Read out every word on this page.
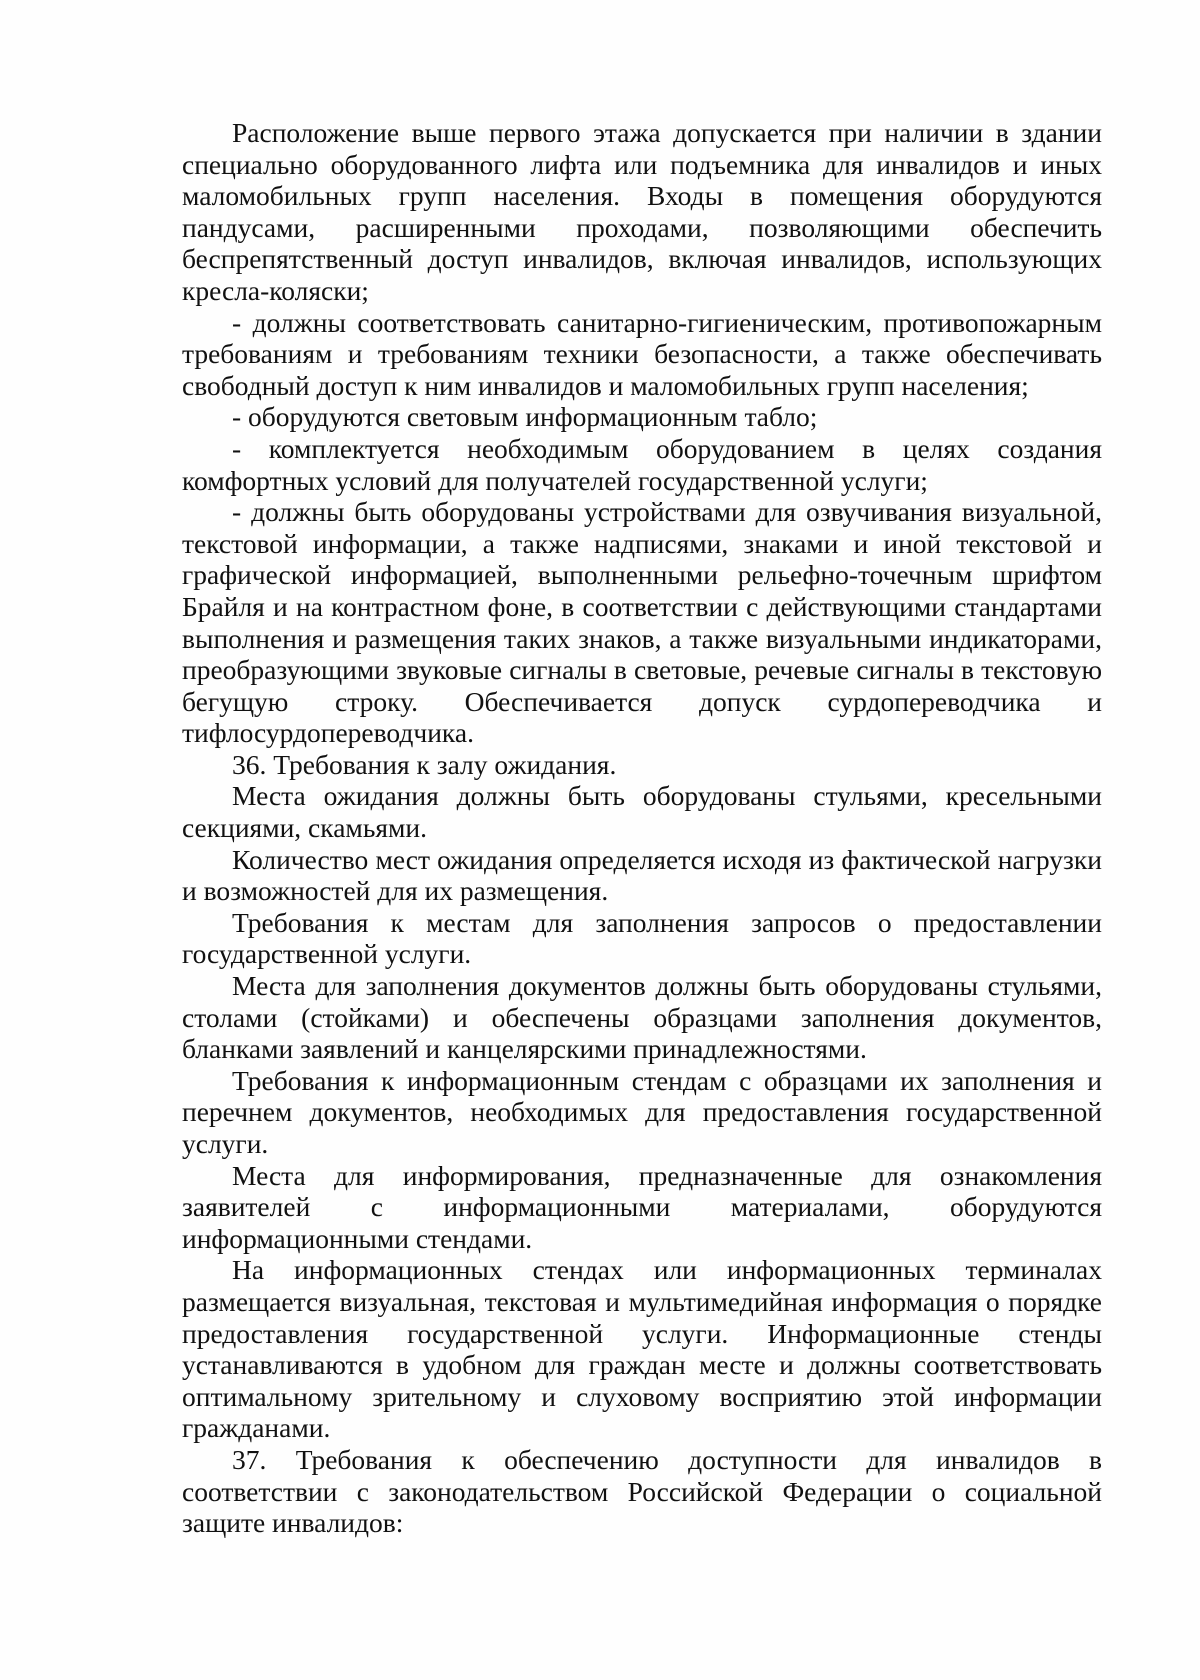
Расположение выше первого этажа допускается при наличии в здании специально оборудованного лифта или подъемника для инвалидов и иных маломобильных групп населения. Входы в помещения оборудуются пандусами, расширенными проходами, позволяющими обеспечить беспрепятственный доступ инвалидов, включая инвалидов, использующих кресла-коляски;

- должны соответствовать санитарно-гигиеническим, противопожарным требованиям и требованиям техники безопасности, а также обеспечивать свободный доступ к ним инвалидов и маломобильных групп населения;

- оборудуются световым информационным табло;

- комплектуется необходимым оборудованием в целях создания комфортных условий для получателей государственной услуги;

- должны быть оборудованы устройствами для озвучивания визуальной, текстовой информации, а также надписями, знаками и иной текстовой и графической информацией, выполненными рельефно-точечным шрифтом Брайля и на контрастном фоне, в соответствии с действующими стандартами выполнения и размещения таких знаков, а также визуальными индикаторами, преобразующими звуковые сигналы в световые, речевые сигналы в текстовую бегущую строку. Обеспечивается допуск сурдопереводчика и тифлосурдопереводчика.

36. Требования к залу ожидания.

Места ожидания должны быть оборудованы стульями, кресельными секциями, скамьями.

Количество мест ожидания определяется исходя из фактической нагрузки и возможностей для их размещения.

Требования к местам для заполнения запросов о предоставлении государственной услуги.

Места для заполнения документов должны быть оборудованы стульями, столами (стойками) и обеспечены образцами заполнения документов, бланками заявлений и канцелярскими принадлежностями.

Требования к информационным стендам с образцами их заполнения и перечнем документов, необходимых для предоставления государственной услуги.

Места для информирования, предназначенные для ознакомления заявителей с информационными материалами, оборудуются информационными стендами.

На информационных стендах или информационных терминалах размещается визуальная, текстовая и мультимедийная информация о порядке предоставления государственной услуги. Информационные стенды устанавливаются в удобном для граждан месте и должны соответствовать оптимальному зрительному и слуховому восприятию этой информации гражданами.

37. Требования к обеспечению доступности для инвалидов в соответствии с законодательством Российской Федерации о социальной защите инвалидов:
